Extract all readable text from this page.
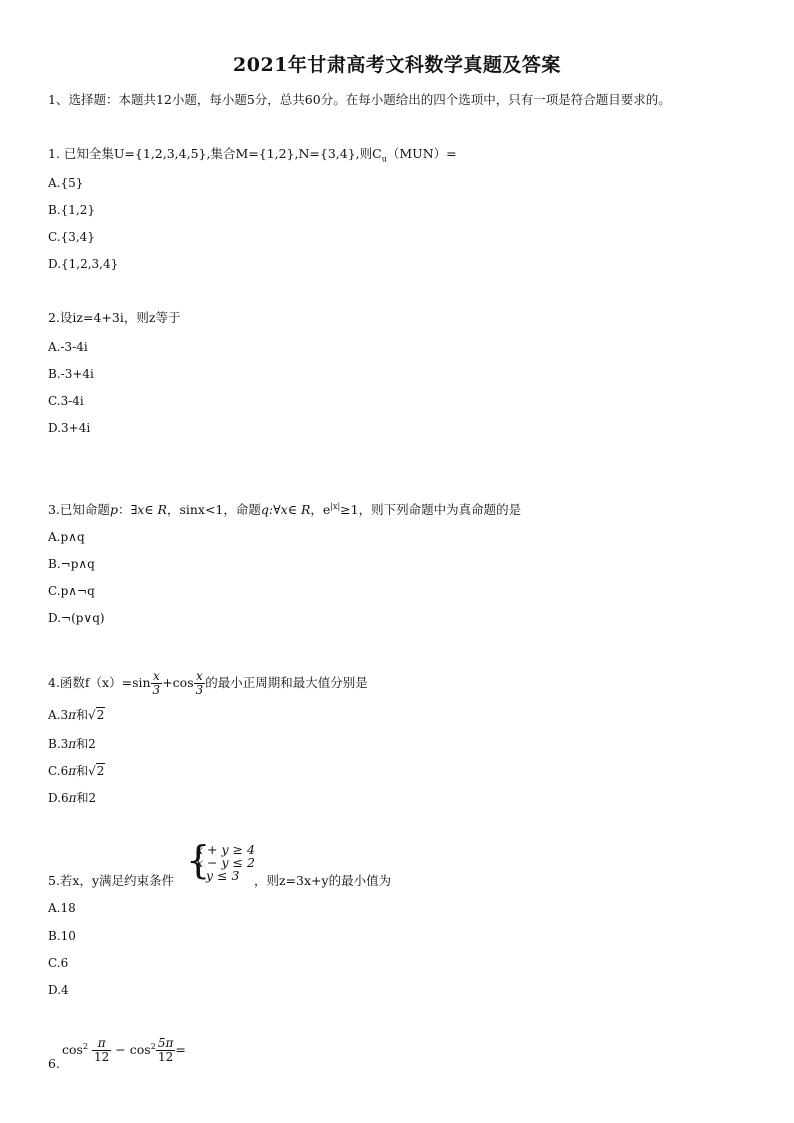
2021年甘肃高考文科数学真题及答案
1、选择题：本题共12小题，每小题5分，总共60分。在每小题给出的四个选项中，只有一项是符合题目要求的。
1. 已知全集U={1,2,3,4,5},集合M={1,2},N={3,4},则$C_u(MUN)=$
A.{5}
B.{1,2}
C.{3,4}
D.{1,2,3,4}
2.设iz=4+3i，则z等于
A.-3-4i
B.-3+4i
C.3-4i
D.3+4i
3.已知命题p：∃x∈ R，sinx<1，命题q:∀x∈ R，$e^{|x|}\ge 1$，则下列命题中为真命题的是
A.p∧q
B.¬p∧q
C.p∧¬q
D.¬(p∨q)
4.函数$f(x)=\sin \frac{x}{3} +\cos \frac{x}{3}$ 的最小正周期和最大值分别是
A.3π和√2
B.3π和2
C.6π和√2
D.6π和2
5.若x，y满足约束条件 {
x + y ≥ 4
x − y ≤ 2
y ≤ 3	，则z=3x+y的最小值为
A.18
B.10
C.6
D.4
6.
$\cos^2 \frac{\pi}{12} - \cos^2 \frac{5\pi}{12}$ =
